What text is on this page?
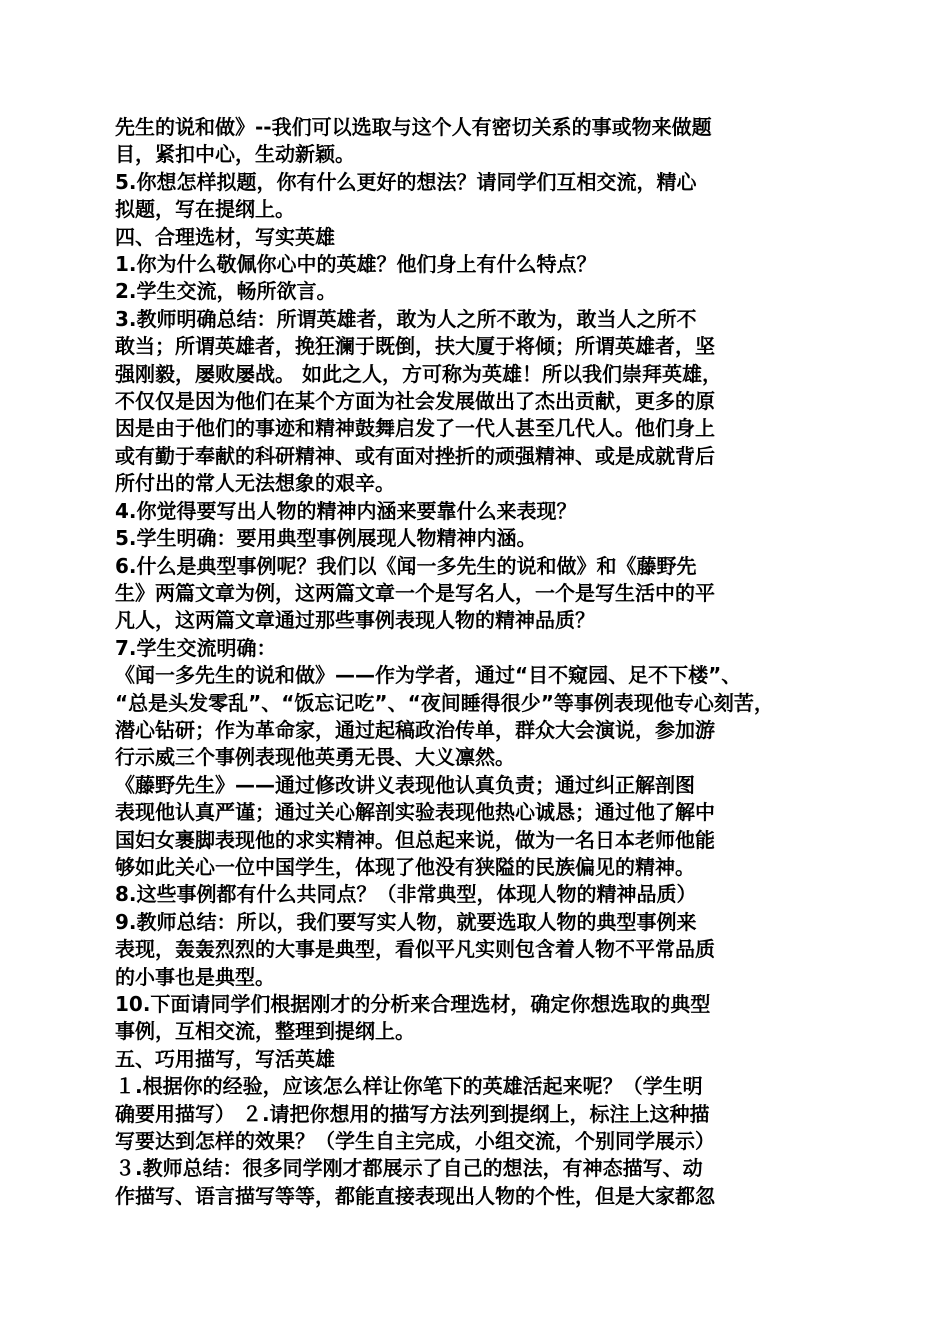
先生的说和做》--我们可以选取与这个人有密切关系的事或物来做题

目，紧扣中心，生动新颖。

5.你想怎样拟题，你有什么更好的想法？请同学们互相交流，精心

拟题，写在提纲上。

四、合理选材，写实英雄

1.你为什么敬佩你心中的英雄？他们身上有什么特点？

2.学生交流，畅所欲言。

3.教师明确总结：所谓英雄者，敢为人之所不敢为，敢当人之所不

敢当；所谓英雄者，挽狂澜于既倒，扶大厦于将倾；所谓英雄者，坚

强刚毅，屡败屡战。 如此之人，方可称为英雄！所以我们崇拜英雄，

不仅仅是因为他们在某个方面为社会发展做出了杰出贡献，更多的原

因是由于他们的事迹和精神鼓舞启发了一代人甚至几代人。他们身上

或有勤于奉献的科研精神、或有面对挫折的顽强精神、或是成就背后

所付出的常人无法想象的艰辛。

4.你觉得要写出人物的精神内涵来要靠什么来表现？

5.学生明确：要用典型事例展现人物精神内涵。

6.什么是典型事例呢？我们以《闻一多先生的说和做》和《藤野先

生》两篇文章为例，这两篇文章一个是写名人，一个是写生活中的平

凡人，这两篇文章通过那些事例表现人物的精神品质？

7.学生交流明确：

《闻一多先生的说和做》——作为学者，通过“目不窥园、足不下楼”、

“总是头发零乱”、“饭忘记吃”、“夜间睡得很少”等事例表现他专心刻苦，

潜心钻研；作为革命家，通过起稿政治传单，群众大会演说，参加游

行示威三个事例表现他英勇无畏、大义凛然。

《藤野先生》——通过修改讲义表现他认真负责；通过纠正解剖图

表现他认真严谨；通过关心解剖实验表现他热心诚恳；通过他了解中

国妇女裹脚表现他的求实精神。但总起来说，做为一名日本老师他能

够如此关心一位中国学生，体现了他没有狭隘的民族偏见的精神。

8.这些事例都有什么共同点？（非常典型，体现人物的精神品质）

9.教师总结：所以，我们要写实人物，就要选取人物的典型事例来

表现，轰轰烈烈的大事是典型，看似平凡实则包含着人物不平常品质

的小事也是典型。

10.下面请同学们根据刚才的分析来合理选材，确定你想选取的典型

事例，互相交流，整理到提纲上。

五、巧用描写，写活英雄

１.根据你的经验，应该怎么样让你笔下的英雄活起来呢？（学生明

确要用描写） ２.请把你想用的描写方法列到提纲上，标注上这种描

写要达到怎样的效果？（学生自主完成，小组交流，个别同学展示）

３.教师总结：很多同学刚才都展示了自己的想法，有神态描写、动

作描写、语言描写等等，都能直接表现出人物的个性，但是大家都忽
